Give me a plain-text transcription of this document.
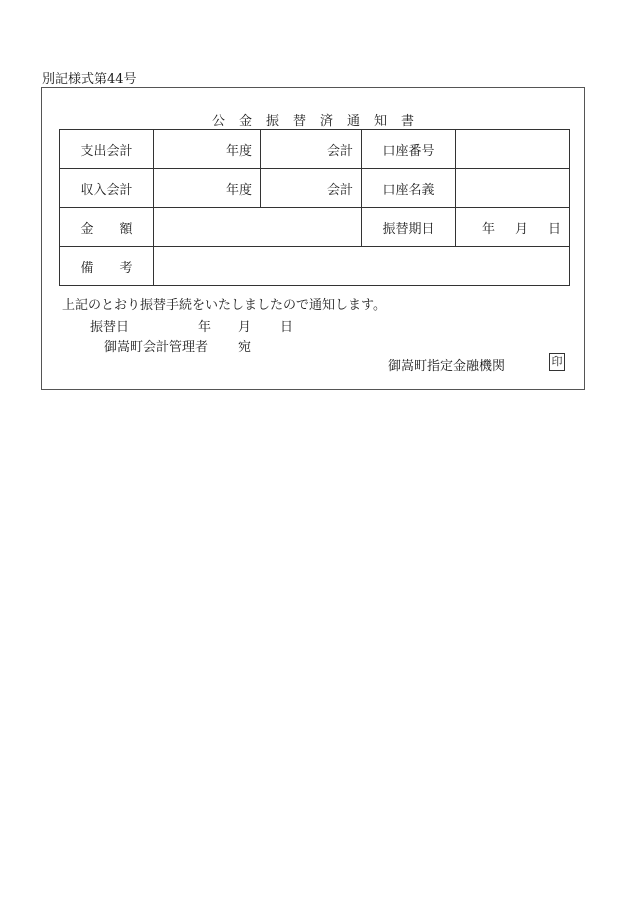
別記様式第44号
公金振替済通知書
支出会計	年度	会計	口座番号	
収入会計	年度	会計	口座名義	
金 額			振替期日	年 月 日
備 考				
上記のとおり振替手続をいたしましたので通知します。
振替日	年 月 日
御嵩町会計管理者 宛
御嵩町指定金融機関	印
